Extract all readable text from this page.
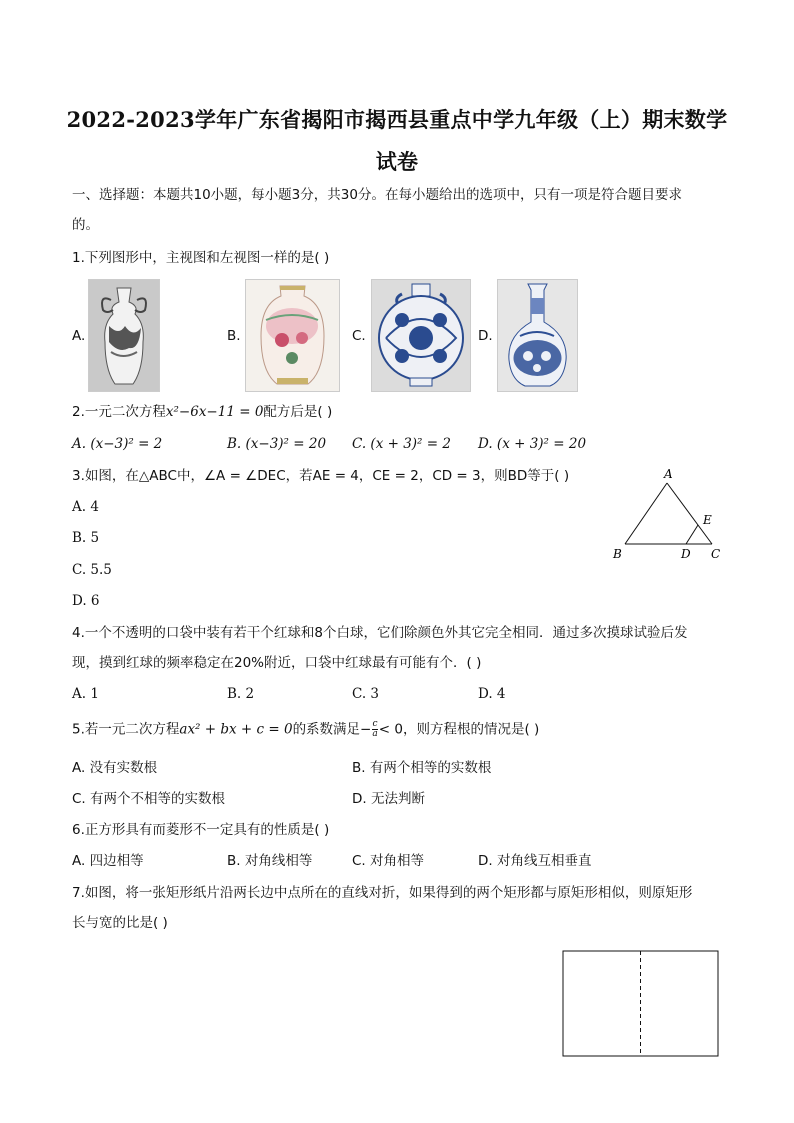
2022-2023学年广东省揭阳市揭西县重点中学九年级（上）期末数学
试卷
一、选择题：本题共10小题，每小题3分，共30分。在每小题给出的选项中，只有一项是符合题目要求
的。
1.下列图形中，主视图和左视图一样的是( )
A.	B.	C.	D.
2.一元二次方程x²−6x−11 = 0配方后是( )
A. (x−3)² = 2	B. (x−3)² = 20 C. (x + 3)² = 2 D. (x + 3)² = 20
3.如图，在△ABC中，∠A = ∠DEC，若AE = 4，CE = 2，CD = 3，则BD等于( )
A. 4
B. 5
C. 5.5
D. 6
A
B	C
D
E
4.一个不透明的口袋中装有若干个红球和8个白球，它们除颜色外其它完全相同．通过多次摸球试验后发
现，摸到红球的频率稳定在20%附近，口袋中红球最有可能有个．( )
A. 1	B. 2	C. 3	D. 4
5.若一元二次方程ax² + bx + c = 0的系数满足− $\frac{c}{a} < 0$，则方程根的情况是( )
A. 没有实数根	B. 有两个相等的实数根
C. 有两个不相等的实数根	D. 无法判断
6.正方形具有而菱形不一定具有的性质是( )
A. 四边相等	B. 对角线相等	C. 对角相等	D. 对角线互相垂直
7.如图，将一张矩形纸片沿两长边中点所在的直线对折，如果得到的两个矩形都与原矩形相似，则原矩形
长与宽的比是( )
